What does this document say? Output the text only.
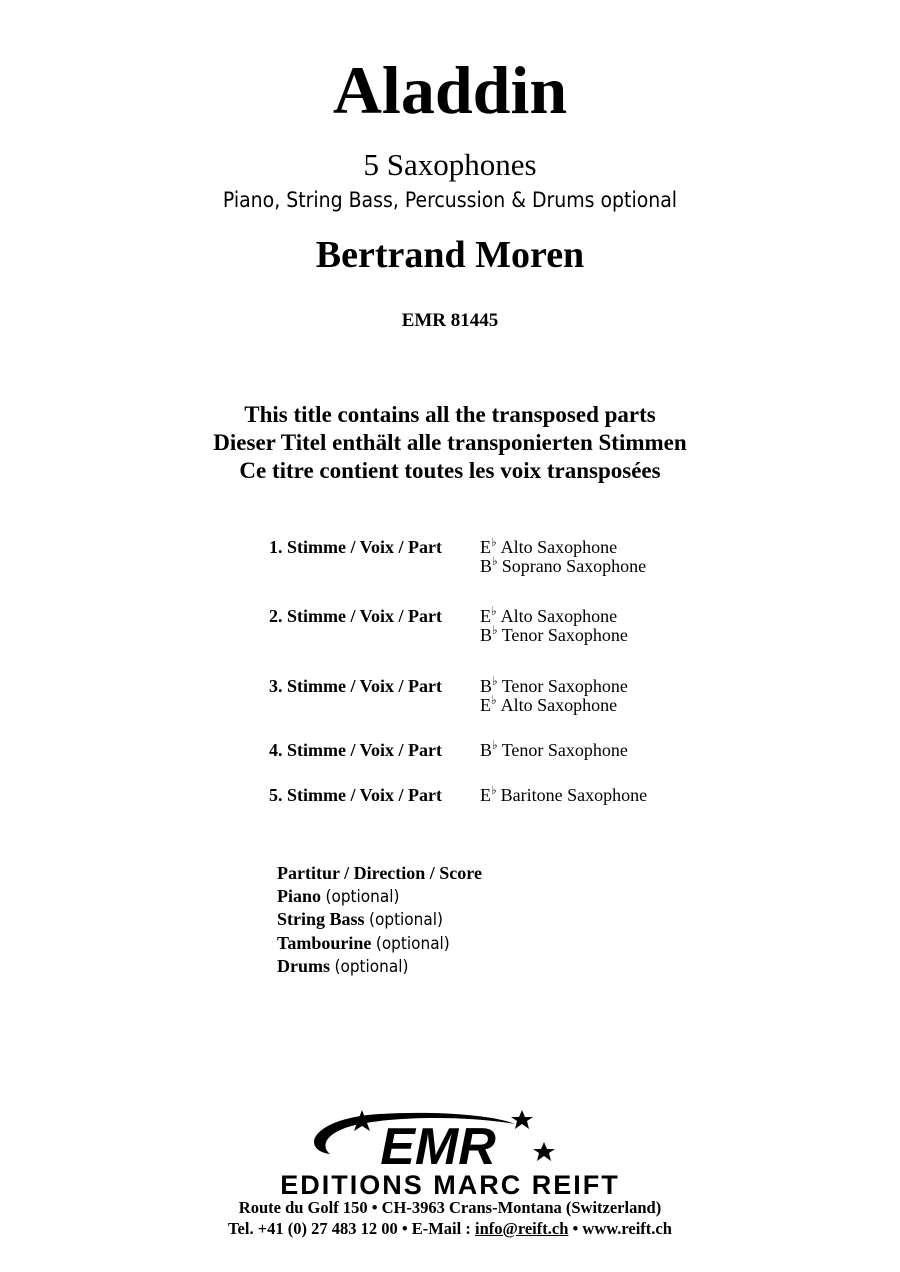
Aladdin
5 Saxophones
Piano, String Bass, Percussion & Drums optional
Bertrand Moren
EMR 81445
This title contains all the transposed parts
Dieser Titel enthält alle transponierten Stimmen
Ce titre contient toutes les voix transposées
1. Stimme / Voix / Part	E♭ Alto Saxophone
B♭ Soprano Saxophone
2. Stimme / Voix / Part	E♭ Alto Saxophone
B♭ Tenor Saxophone
3. Stimme / Voix / Part	B♭ Tenor Saxophone
E♭ Alto Saxophone
4. Stimme / Voix / Part	B♭ Tenor Saxophone
5. Stimme / Voix / Part	E♭ Baritone Saxophone
Partitur / Direction / Score
Piano (optional)
String Bass (optional)
Tambourine (optional)
Drums (optional)
EMR
EDITIONS MARC REIFT
Route du Golf 150 • CH-3963 Crans-Montana (Switzerland)
Tel. +41 (0) 27 483 12 00 • E-Mail : info@reift.ch • www.reift.ch
